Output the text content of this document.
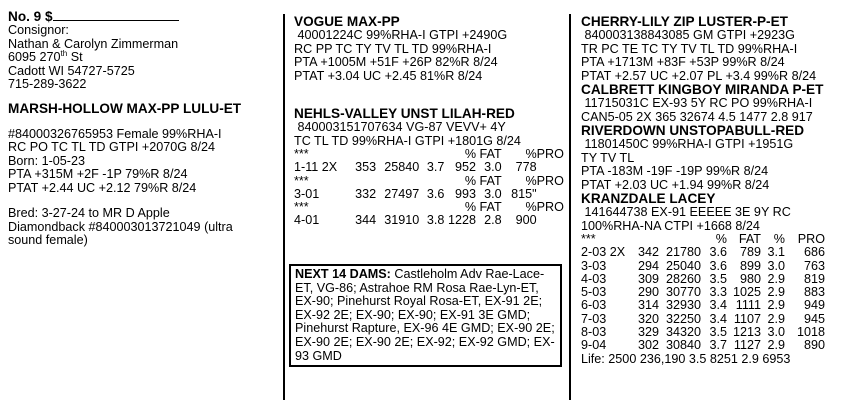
No. 9 $
Consignor:
Nathan & Carolyn Zimmerman
6095 270th St
Cadott WI 54727-5725
715-289-3622
MARSH-HOLLOW MAX-PP LULU-ET
#84000326765953 Female 99%RHA-I
RC PO TC TL TD GTPI +2070G 8/24
Born: 1-05-23
PTA +315M +2F -1P 79%R 8/24
PTAT +2.44 UC +2.12 79%R 8/24
Bred: 3-27-24 to MR D Apple
Diamondback #840003013721049 (ultra
sound female)
VOGUE MAX-PP
40001224C 99%RHA-I GTPI +2490G
RC PP TC TY TV TL TD 99%RHA-I
PTA +1005M +51F +26P 82%R 8/24
PTAT +3.04 UC +2.45 81%R 8/24
NEHLS-VALLEY UNST LILAH-RED
840003151707634 VG-87 VEVV+ 4Y
TC TL TD 99%RHA-I GTPI +1801G 8/24
***				%	FAT	%	PRO
1-11 2X	353	25840	3.7	952	3.0	778	
***				%	FAT	%	PRO
3-01	332	27497	3.6	993	3.0	815"	
***				%	FAT	%	PRO
4-01	344	31910	3.8	1228	2.8	900	
NEXT 14 DAMS: Castleholm Adv Rae-Lace-ET, VG-86; Astrahoe RM Rosa Rae-Lyn-ET, EX-90; Pinehurst Royal Rosa-ET, EX-91 2E; EX-92 2E; EX-90; EX-90; EX-91 3E GMD; Pinehurst Rapture, EX-96 4E GMD; EX-90 2E; EX-90 2E; EX-90 2E; EX-92; EX-92 GMD; EX-93 GMD
CHERRY-LILY ZIP LUSTER-P-ET
840003138843085 GM GTPI +2923G
TR PC TE TC TY TV TL TD 99%RHA-I
PTA +1713M +83F +53P 99%R 8/24
PTAT +2.57 UC +2.07 PL +3.4 99%R 8/24
CALBRETT KINGBOY MIRANDA P-ET
11715031C EX-93 5Y RC PO 99%RHA-I
CAN5-05 2X 365 32674 4.5 1477 2.8 917
RIVERDOWN UNSTOPABULL-RED
11801450C 99%RHA-I GTPI +1951G
TY TV TL
PTA -183M -19F -19P 99%R 8/24
PTAT +2.03 UC +1.94 99%R 8/24
KRANZDALE LACEY
141644738 EX-91 EEEEE 3E 9Y RC
100%RHA-NA CTPI +1668 8/24
***			%	FAT	%	PRO
2-03 2X	342	21780	3.6	789	3.1	686
3-03	294	25040	3.6	899	3.0	763
4-03	309	28260	3.5	980	2.9	819
5-03	290	30770	3.3	1025	2.9	883
6-03	314	32930	3.4	1111	2.9	949
7-03	320	32250	3.4	1107	2.9	945
8-03	329	34320	3.5	1213	3.0	1018
9-04	302	30840	3.7	1127	2.9	890
Life: 2500 236,190 3.5 8251 2.9 6953
